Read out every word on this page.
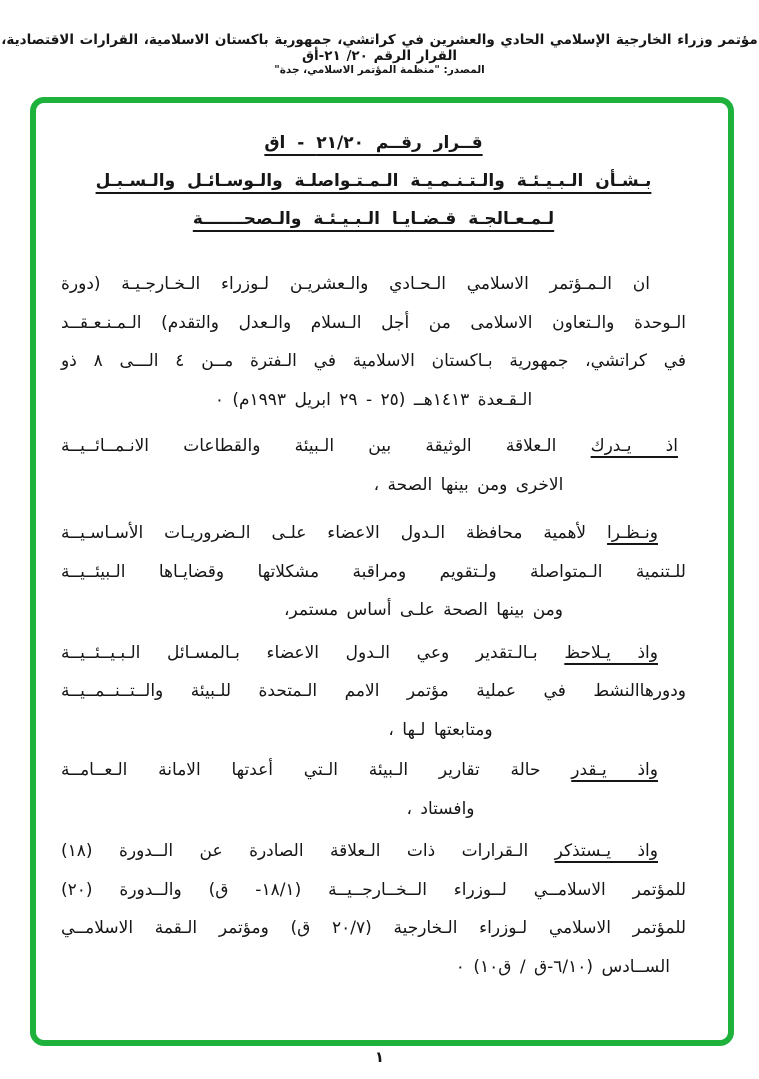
مؤتمر وزراء الخارجية الإسلامي الحادي والعشرين في كراتشي، جمهورية باكستان الاسلامية، القرارات الاقتصادية، القرار الرقم ٢٠/ ٢١-أق
المصدر: "منظمة المؤتمر الاسلامي، جدة"
قــرار رقــم ٢١/٢٠ - اق
بـشـأن الـبـيـئـة والـتـنـمـيـة الـمـتـواصلـة والـوسـائـل والـسـبـل
لـمـعـالجـة قـضـايـا الـبـيـئـة والـصحـــــــة
ان الـمـؤتمر الاسلامي الـحـادي والـعشريـن لـوزراء الـخـارجـيـة (دورة
الـوحدة والـتعاون الاسلامى من أجل الـسلام والـعدل والتقدم) الـمـنـعـقــد
في كراتشي، جمهورية بـاكستان الاسلامية في الـفترة مــن ٤ الـــى ٨ ذو
الـقـعدة ١٤١٣هــ (٢٥ - ٢٩ ابريل ١٩٩٣م) ٠
اذ يـدرك الـعلاقة الوثيقة بين الـبيئة والقطاعات الانـمــائــيــة
الاخرى ومن بينها الصحة ،
ونـظـرا لأهمية محافظة الـدول الاعضاء علـى الـضروريـات الأسـاسـيــة
للـتنمية الـمتواصلة ولـتقويم ومراقبة مشكلاتها وقضايـاها الـبيئــيــة
ومن بينها الصحة علـى أساس مستمر،
واذ يـلاحظ بـالـتقدير وعي الـدول الاعضاء بـالمسـائل الـبـيــئــيــة
ودورهاالنشط في عملية مؤتمر الامم الـمتحدة للـبيئة والــتــنــمــيــة
ومتابعتها لـها ،
واذ يـقدر حالة تقارير الـبيئة الـتي أعدتها الامانة الـعــامــة
وافستاد ،
واذ يـستذكر الـقرارات ذات الـعلاقة الصادرة عن الــدورة (١٨)
للمؤتمر الاسلامــي لــوزراء الــخــارجــيــة (١٨/١- ق) والــدورة (٢٠)
للمؤتمر الاسلامي لـوزراء الـخارجية (٢٠/٧ ق) ومؤتمر الـقمة الاسلامــي
الســادس (٦/١٠-ق / ق١٠) ٠
١
